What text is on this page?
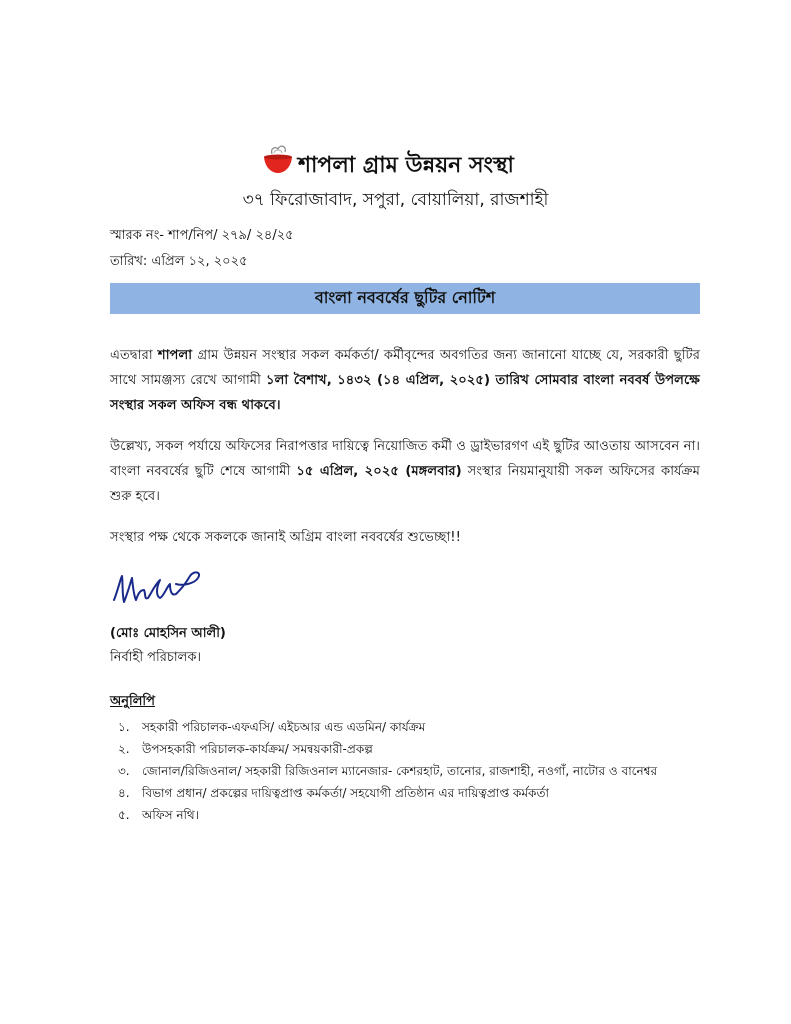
শাপলা গ্রাম উন্নয়ন সংস্থা
৩৭ ফিরোজাবাদ, সপুরা, বোয়ালিয়া, রাজশাহী
স্মারক নং- শাপ/নিপ/ ২৭৯/ ২৪/২৫
তারিখ: এপ্রিল ১২, ২০২৫
বাংলা নববর্ষের ছুটির নোটিশ
এতদ্বারা শাপলা গ্রাম উন্নয়ন সংস্থার সকল কর্মকর্তা/ কর্মীবৃন্দের অবগতির জন্য জানানো যাচ্ছে যে, সরকারী ছুটির সাথে সামঞ্জস্য রেখে আগামী ১লা বৈশাখ, ১৪৩২ (১৪ এপ্রিল, ২০২৫) তারিখ সোমবার বাংলা নববর্ষ উপলক্ষে সংস্থার সকল অফিস বন্ধ থাকবে।
উল্লেখ্য, সকল পর্যায়ে অফিসের নিরাপত্তার দায়িত্বে নিয়োজিত কর্মী ও ড্রাইভারগণ এই ছুটির আওতায় আসবেন না। বাংলা নববর্ষের ছুটি শেষে আগামী ১৫ এপ্রিল, ২০২৫ (মঙ্গলবার) সংস্থার নিয়মানুযায়ী সকল অফিসের কার্যক্রম শুরু হবে।
সংস্থার পক্ষ থেকে সকলকে জানাই অগ্রিম বাংলা নববর্ষের শুভেচ্ছা!!
(মোঃ মোহসিন আলী)
নির্বাহী পরিচালক।
অনুলিপি
১.	সহকারী পরিচালক-এফএসি/ এইচআর এন্ড এডমিন/ কার্যক্রম
২.	উপসহকারী পরিচালক-কার্যক্রম/ সমন্বয়কারী-প্রকল্প
৩.	জোনাল/রিজিওনাল/ সহকারী রিজিওনাল ম্যানেজার- কেশরহাট, তানোর, রাজশাহী, নওগাঁ, নাটোর ও বানেশ্বর
৪.	বিভাগ প্রধান/ প্রকল্পের দায়িত্বপ্রাপ্ত কর্মকর্তা/ সহযোগী প্রতিষ্ঠান এর দায়িত্বপ্রাপ্ত কর্মকর্তা
৫.	অফিস নথি।
